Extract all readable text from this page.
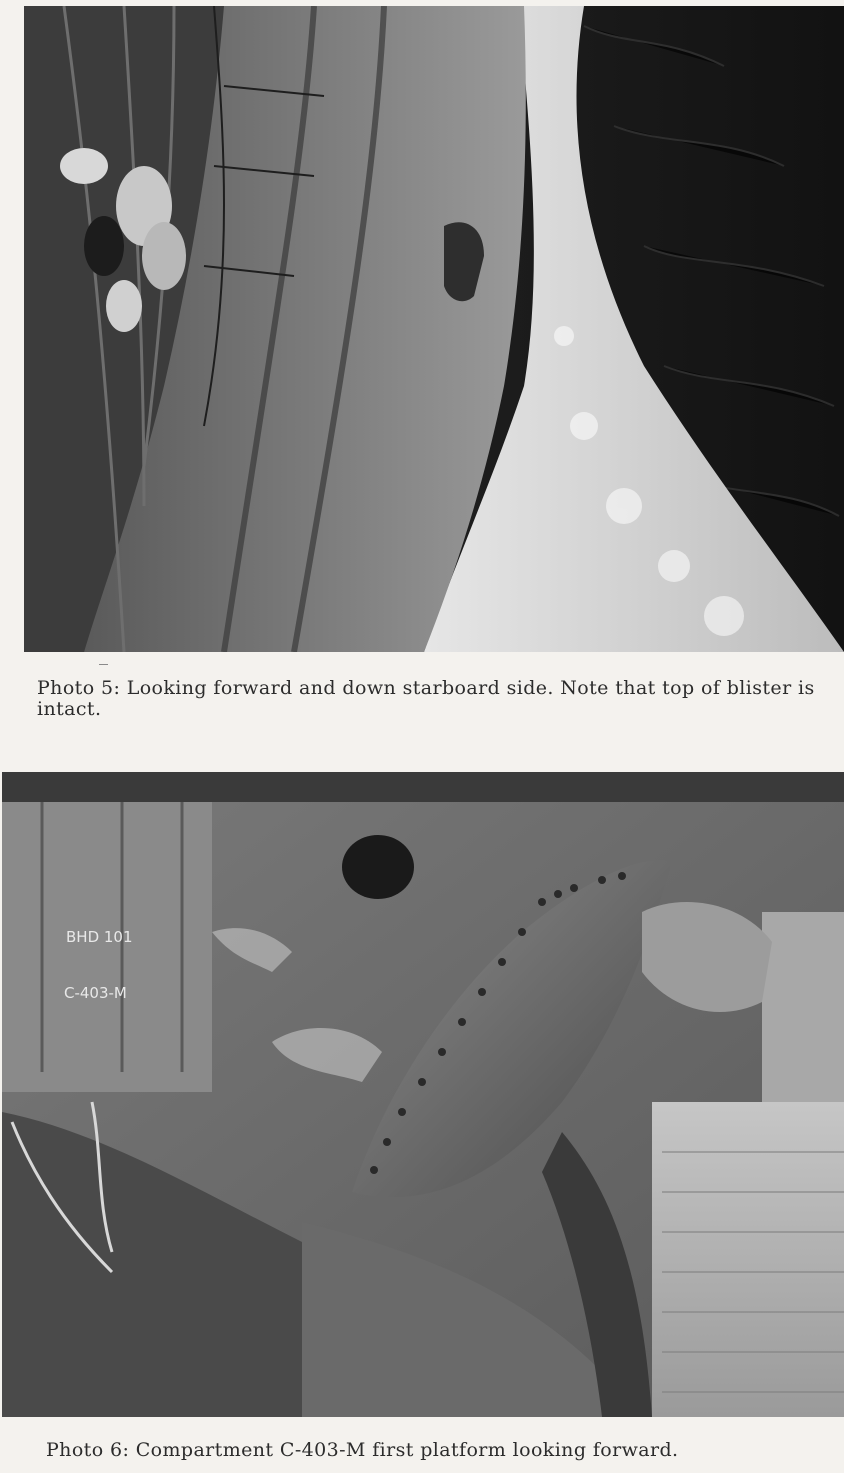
Photo 5: Looking forward and down starboard side. Note that top of blister is intact.
BHD 101
C-403-M
Photo 6: Compartment C-403-M first platform looking forward.
